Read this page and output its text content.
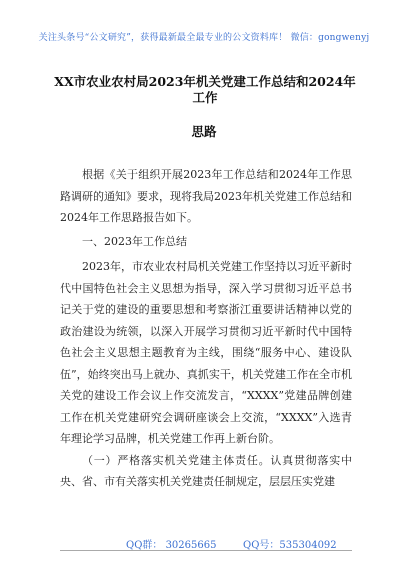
关注头条号“公文研究”，获得最新最全最专业的公文资料库！ 微信：gongwenyj
XX市农业农村局2023年机关党建工作总结和2024年工作
思路

根据《关于组织开展2023年工作总结和2024年工作思路调研的通知》要求，现将我局2023年机关党建工作总结和2024年工作思路报告如下。

一、2023年工作总结

2023年，市农业农村局机关党建工作坚持以习近平新时代中国特色社会主义思想为指导，深入学习贯彻习近平总书记关于党的建设的重要思想和考察浙江重要讲话精神以党的政治建设为统领，以深入开展学习贯彻习近平新时代中国特色社会主义思想主题教育为主线，围绕“服务中心、建设队伍”，始终突出马上就办、真抓实干，机关党建工作在全市机关党的建设工作会议上作交流发言，“XXXX”党建品牌创建工作在机关党建研究会调研座谈会上交流，“XXXX”入选青年理论学习品牌，机关党建工作再上新台阶。

（一）严格落实机关党建主体责任。认真贯彻落实中央、省、市有关落实机关党建责任制规定，层层压实党建

QQ群： 30265665	QQ号：535304092
